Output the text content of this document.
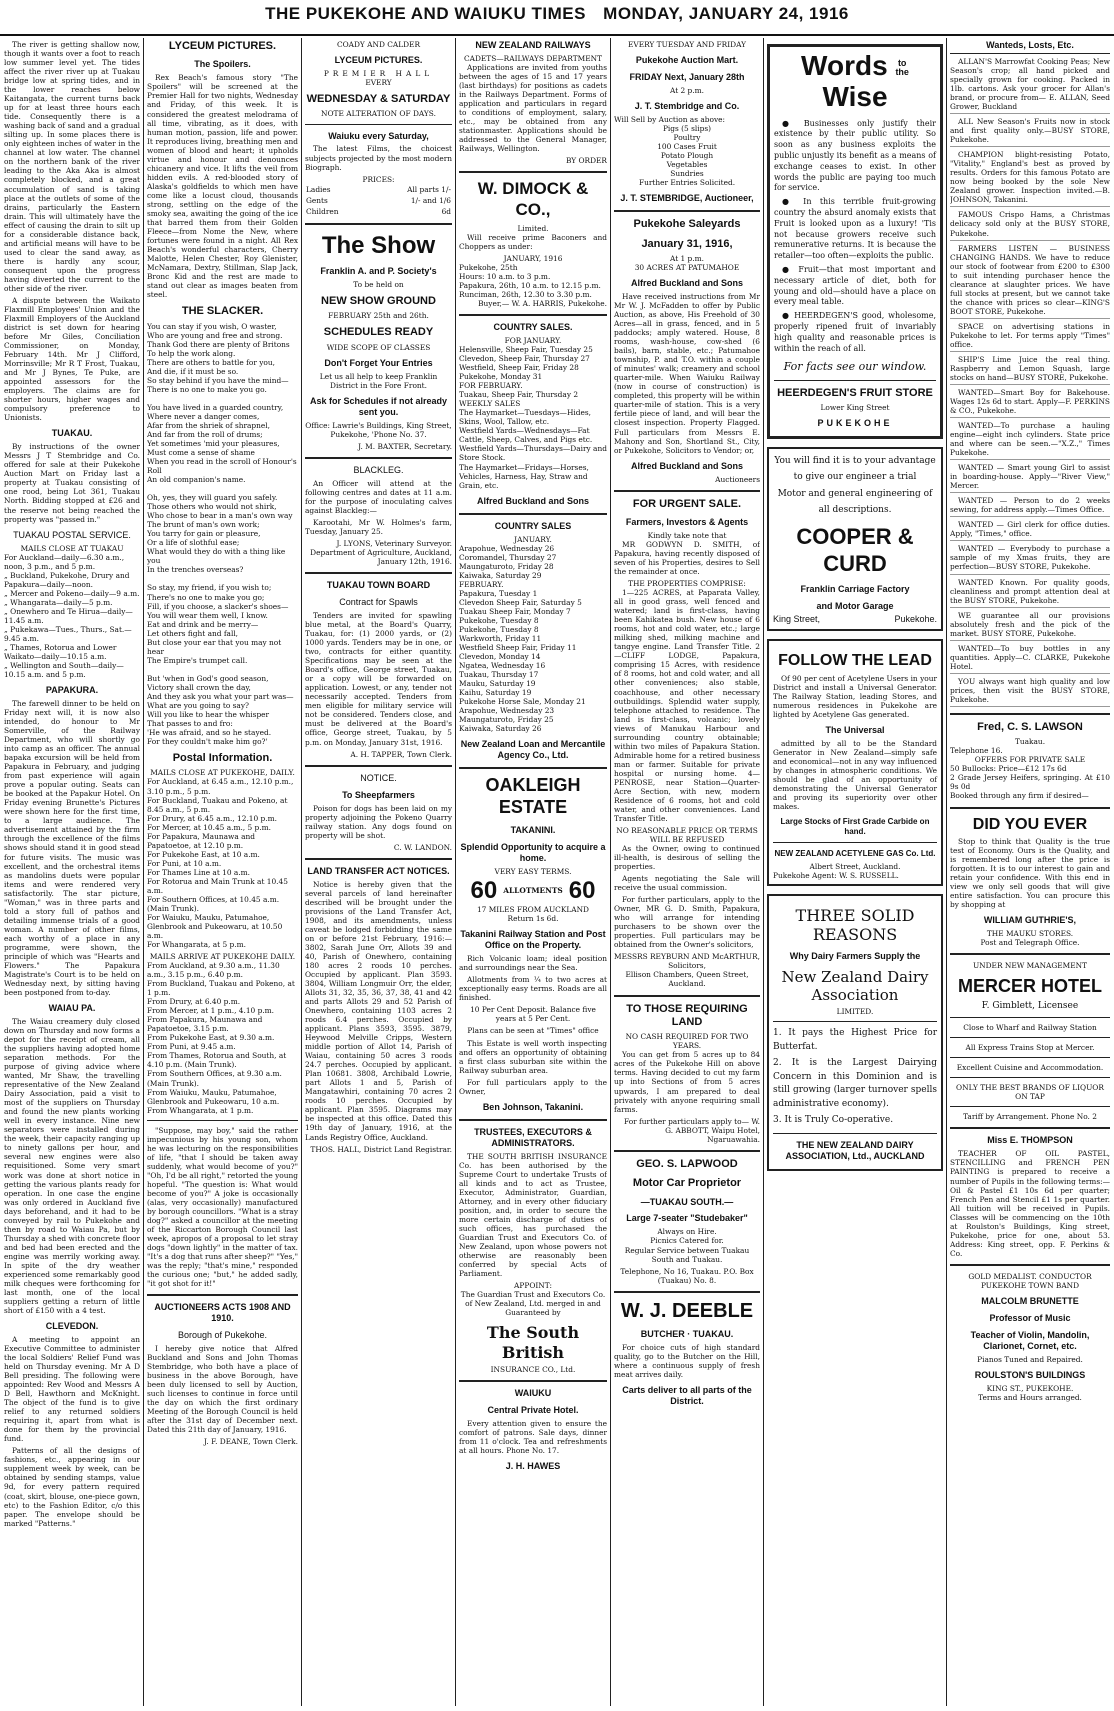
THE PUKEKOHE AND WAIUKU TIMES MONDAY, JANUARY 24, 1916

The river is getting shallow now, though it wants over a foot to reach low summer level yet. The tides affect the river river up at Tuakau bridge low at spring tides, and in the lower reaches below Kaitangata, the current turns back up for at least three hours each tide. Consequently there is a washing back of sand and a gradual silting up. In some places there is only eighteen inches of water in the channel at low water. The channel on the northern bank of the river leading to the Aka Aka is almost completely blocked, and a great accumulation of sand is taking place at the outlets of some of the drains, particularly the Eastern drain. This will ultimately have the effect of causing the drain to silt up for a considerable distance back, and artificial means will have to be used to clear the sand away, as there is hardly any scour, consequent upon the progress having diverted the current to the other side of the river.

A dispute between the Waikato Flaxmill Employees' Union and the Flaxmill Employers of the Auckland district is set down for hearing before Mr Giles, Conciliation Commissioner, on Monday, February 14th. Mr J Clifford, Morrinsville; Mr R T Frost, Tuakau, and Mr J Bynes, Te Puke, are appointed assessors for the employers. The claims are for shorter hours, higher wages and compulsory preference to Unionists.

TUAKAU.

By instructions of the owner Messrs J T Stembridge and Co. offered for sale at their Pukekohe Auction Mart on Friday last a property at Tuakau consisting of one rood, being Lot 361, Tuakau North. Bidding stopped at £26 and the reserve not being reached the property was "passed in."

TUAKAU POSTAL SERVICE.
MAILS CLOSE AT TUAKAU
For Auckland—daily—6.30 a.m., noon, 3 p.m., and 5 p.m.
„ Buckland, Pukekohe, Drury and Papakura—daily—noon.
„ Mercer and Pokeno—daily—9 a.m.
„ Whangarata—daily—5 p.m.
„ Onewhero and Te Hirua—daily—11.45 a.m.
„ Pukekawa—Tues., Thurs., Sat.—9.45 a.m.
„ Thames, Rotorua and Lower Waikato—daily—10.15 a.m.
„ Wellington and South—daily—10.15 a.m. and 5 p.m.
PAPAKURA.

The farewell dinner to be held on Friday next will, it is now also intended, do honour to Mr Somerville, of the Railway Department, who will shortly go into camp as an officer. The annual bapaka excursion will be held from Papakura in February, and judging from past experience will again prove a popular outing. Seats can be booked at the Papakur Hotel. On Friday evening Brunette's Pictures were shown here for the first time, to a large audience. The advertisement attained by the firm through the excellence of the films shows should stand it in good stead for future visits. The music was excellent, and the orchestral items as mandolins duets were popular items and were rendered very satisfactorily. The star picture, "Woman," was in three parts and told a story full of pathos and detailing immense trials of a good woman. A number of other films, each worthy of a place in any programme, were shown, the principle of which was "Hearts and Flowers." The Papakura Magistrate's Court is to be held on Wednesday next, by sitting having been postponed from to-day.

WAIAU PA.

The Waiau creamery duly closed down on Thursday and now forms a depot for the receipt of cream, all the suppliers having adopted home separation methods. For the purpose of giving advice where wanted, Mr Shaw, the travelling representative of the New Zealand Dairy Association, paid a visit to most of the suppliers on Thursday and found the new plants working well in every instance. Nine new separators were installed during the week, their capacity ranging up to ninety gallons per hour, and several new engines were also requisitioned. Some very smart work was done at short notice in getting the various plants ready for operation. In one case the engine was only ordered in Auckland five days beforehand, and it had to be conveyed by rail to Pukekohe and then by road to Waiau Pa, but by Thursday a shed with concrete floor and bed had been erected and the engine was merrily working away. In spite of the dry weather experienced some remarkably good milk cheques were forthcoming for last month, one of the local suppliers getting a return of little short of £150 with a 4 test.

CLEVEDON.

A meeting to appoint an Executive Committee to administer the local Soldiers' Relief Fund was held on Thursday evening. Mr A D Bell presiding. The following were appointed: Rev Wood and Messrs A D Bell, Hawthorn and McKnight. The object of the fund is to give relief to any returned soldiers requiring it, apart from what is done for them by the provincial fund.

Patterns of all the designs of fashions, etc., appearing in our supplement week by week, can be obtained by sending stamps, value 9d, for every pattern required (coat, skirt, blouse, one-piece gown, etc) to the Fashion Editor, c/o this paper. The envelope should be marked "Patterns."

LYCEUM PICTURES.
The Spoilers.

Rex Beach's famous story "The Spoilers" will be screened at the Premier Hall for two nights, Wednesday and Friday, of this week. It is considered the greatest melodrama of all time, vibrating, as it does, with human motion, passion, life and power. It reproduces living, breathing men and women of blood and heart; it upholds virtue and honour and denounces chicanery and vice. It lifts the veil from hidden evils. A red-blooded story of Alaska's goldfields to which men have come like a locust cloud, thousands strong, settling on the edge of the smoky sea, awaiting the going of the ice that barred them from their Golden Fleece—from Nome the New, where fortunes were found in a night. All Rex Beach's wonderful characters, Cherry Malotte, Helen Chester, Roy Glenister, McNamara, Dextry, Stillman, Slap Jack, Bronc Kid and the rest are made to stand out clear as images beaten from steel.

THE SLACKER.
You can stay if you wish, O waster,
Who are young and free and strong.
Thank God there are plenty of Britons
To help the work along.
There are others to battle for you,
And die, if it must be so.
So stay behind if you have the mind—
There is no one to make you go.

You have lived in a guarded country,
Where never a danger comes,
Afar from the shriek of shrapnel,
And far from the roll of drums;
Yet sometimes 'mid your pleasures,
Must come a sense of shame
When you read in the scroll of Honour's Roll
An old companion's name.

Oh, yes, they will guard you safely.
Those others who would not shirk,
Who chose to bear in a man's own way
The brunt of man's own work;
You tarry for gain or pleasure,
Or a life of slothful ease;
What would they do with a thing like you
In the trenches overseas?

So stay, my friend, if you wish to;
There's no one to make you go;
Fill, if you choose, a slacker's shoes—
You will wear them well, I know.
Eat and drink and be merry—
Let others fight and fall,
But close your ear that you may not hear
The Empire's trumpet call.

But 'when in God's good season,
Victory shall crown the day,
And they ask you what your part was—
What are you going to say?
Will you like to hear the whisper
That passes to and fro:
'He was afraid, and so he stayed.
For they couldn't make him go?'
Postal Information.
MAILS CLOSE AT PUKEKOHE, DAILY.
For Auckland, at 6.45 a.m., 12.10 p.m., 3.10 p.m., 5 p.m.
For Buckland, Tuakau and Pokeno, at 8.45 a.m., 5 p.m.
For Drury, at 6.45 a.m., 12.10 p.m.
For Mercer, at 10.45 a.m., 5 p.m.
For Papakura, Maunawa and Papatoetoe, at 12.10 p.m.
For Pukekohe East, at 10 a.m.
For Puni, at 10 a.m.
For Thames Line at 10 a.m.
For Rotorua and Main Trunk at 10.45 a.m.
For Southern Offices, at 10.45 a.m. (Main Trunk).
For Waiuku, Mauku, Patumahoe, Glenbrook and Pukeowaru, at 10.50 a.m.
For Whangarata, at 5 p.m.
MAILS ARRIVE AT PUKEKOHE DAILY.
From Auckland, at 9.30 a.m., 11.30 a.m., 3.15 p.m., 6.40 p.m.
From Buckland, Tuakau and Pokeno, at 1 p.m.
From Drury, at 6.40 p.m.
From Mercer, at 1 p.m., 4.10 p.m.
From Papakura, Maunawa and Papatoetoe, 3.15 p.m.
From Pukekohe East, at 9.30 a.m.
From Puni, at 9.45 a.m.
From Thames, Rotorua and South, at 4.10 p.m. (Main Trunk).
From Southern Offices, at 9.30 a.m. (Main Trunk).
From Waiuku, Mauku, Patumahoe, Glenbrook and Pukeowaru, 10 a.m.
From Whangarata, at 1 p.m.

"Suppose, may boy," said the rather impecunious by his young son, whom he was lecturing on the responsibilities of life, "that I should be taken away suddenly, what would become of you?" "Oh, I'd be all right," retorted the young hopeful. "The question is: What would become of you?" A joke is occasionally (alas, very occasionally) manufactured by borough councillors. "What is a stray dog?" asked a councillor at the meeting of the Riccarton Borough Council last week, apropos of a proposal to let stray dogs "down lightly" in the matter of tax. "It's a dog that runs after sheep?" "Yes," was the reply; "that's mine," responded the curious one; "but," he added sadly, "it got shot for it!"

AUCTIONEERS ACTS 1908 AND 1910.
Borough of Pukekohe.

I hereby give notice that Alfred Buckland and Sons and John Thomas Stembridge, who both have a place of business in the above Borough, have been duly licensed to sell by Auction, such licenses to continue in force until the day on which the first ordinary Meeting of the Borough Council is held after the 31st day of December next. Dated this 21th day of January, 1916.

J. F. DEANE, Town Clerk.
COADY AND CALDER
LYCEUM PICTURES.
PREMIER HALL
EVERY
WEDNESDAY & SATURDAY
NOTE ALTERATION OF DAYS.
Waiuku every Saturday,

The latest Films, the choicest subjects projected by the most modern Biograph.

PRICES:
Ladies	All parts 1/-
Gents	1/- and 1/6
Children	6d
The Show
Franklin A. and P. Society's
To be held on
NEW SHOW GROUND
FEBRUARY 25th and 26th.
SCHEDULES READY
WIDE SCOPE OF CLASSES
Don't Forget Your Entries

Let us all help to keep Franklin District in the Fore Front.

Ask for Schedules if not already sent you.

Office: Lawrie's Buildings, King Street, Pukekohe, 'Phone No. 37.

J. M. BAXTER, Secretary.
BLACKLEG.

An Officer will attend at the following centres and dates at 11 a.m. for the purpose of inoculating calves against Blackleg:—

Karootahi, Mr W. Holmes's farm, Tuesday, January 25.

J. LYONS, Veterinary Surveyor. Department of Agriculture, Auckland, January 12th, 1916.

TUAKAU TOWN BOARD
Contract for Spawls

Tenders are invited for spawling blue metal, at the Board's Quarry, Tuakau, for: (1) 2000 yards, or (2) 1000 yards. Tenders may be in one, or two, contracts for either quantity. Specifications may be seen at the Board's office, George street, Tuakau, or a copy will be forwarded on application. Lowest, or any, tender not necessarily accepted. Tenders from men eligible for military service will not be considered. Tenders close, and must be delivered at the Board's office, George street, Tuakau, by 5 p.m. on Monday, January 31st, 1916.

A. H. TAPPER, Town Clerk.
NOTICE.
To Sheepfarmers

Poison for dogs has been laid on my property adjoining the Pokeno Quarry railway station. Any dogs found on property will be shot.

C. W. LANDON.
LAND TRANSFER ACT NOTICES.

Notice is hereby given that the several parcels of land hereinafter described will be brought under the provisions of the Land Transfer Act, 1908, and its amendments, unless caveat be lodged forbidding the same on or before 21st February, 1916:— 3802, Sarah June Orr, Allots 39 and 40, Parish of Onewhero, containing 180 acres 2 roods 10 perches. Occupied by applicant. Plan 3593. 3804, William Longmuir Orr, the elder, Allots 31, 32, 35, 36, 37, 38, 41 and 42 and parts Allots 29 and 52 Parish of Onewhero, containing 1103 acres 2 roods 6.4 perches. Occupied by applicant. Plans 3593, 3595. 3879, Heywood Melville Cripps, Western middle portion of Allot 14, Parish of Waiau, containing 50 acres 3 roods 24.7 perches. Occupied by applicant. Plan 10681. 3808, Archibald Lowrie, part Allots 1 and 5, Parish of Mangatawhiri, containing 70 acres 2 roods 10 perches. Occupied by applicant. Plan 3595. Diagrams may be inspected at this office. Dated this 19th day of January, 1916, at the Lands Registry Office, Auckland.

THOS. HALL, District Land Registrar.
NEW ZEALAND RAILWAYS
CADETS—RAILWAYS DEPARTMENT

Applications are invited from youths between the ages of 15 and 17 years (last birthdays) for positions as cadets in the Railways Department. Forms of application and particulars in regard to conditions of employment, salary, etc., may be obtained from any stationmaster. Applications should be addressed to the General Manager, Railways, Wellington.

BY ORDER
W. DIMOCK & CO.,
Limited.

Will receive prime Baconers and Choppers as under:

JANUARY, 1916
Pukekohe, 25th
Hours: 10 a.m. to 3 p.m.
Papakura, 26th, 10 a.m. to 12.15 p.m.
Runciman, 26th, 12.30 to 3.30 p.m.
Buyer,— W. A. HARRIS, Pukekohe.
COUNTRY SALES.
FOR JANUARY.
Helensville, Sheep Fair, Tuesday 25
Clevedon, Sheep Fair, Thursday 27
Westfield, Sheep Fair, Friday 28
Pukekohe, Monday 31
FOR FEBRUARY.
Tuakau, Sheep Fair, Thursday 2
WEEKLY SALES
The Haymarket—Tuesdays—Hides, Skins, Wool, Tallow, etc.
Westfield Yards—Wednesdays—Fat Cattle, Sheep, Calves, and Pigs etc.
Westfield Yards—Thursdays—Dairy and Store Stock.
The Haymarket—Fridays—Horses, Vehicles, Harness, Hay, Straw and Grain, etc.
Alfred Buckland and Sons
COUNTRY SALES
JANUARY.
Arapohue, Wednesday 26
Coromandel, Thursday 27
Maungaturoto, Friday 28
Kaiwaka, Saturday 29
FEBRUARY.
Papakura, Tuesday 1
Clevedon Sheep Fair, Saturday 5
Tuakau Sheep Fair, Monday 7
Pukekohe, Tuesday 8
Pukekohe, Tuesday 8
Warkworth, Friday 11
Westfield Sheep Fair, Friday 11
Clevedon, Monday 14
Ngatea, Wednesday 16
Tuakau, Thursday 17
Mauku, Saturday 19
Kaihu, Saturday 19
Pukekohe Horse Sale, Monday 21
Arapohue, Wednesday 23
Maungaturoto, Friday 25
Kaiwaka, Saturday 26
New Zealand Loan and Mercantile Agency Co., Ltd.
OAKLEIGH ESTATE
TAKANINI.
Splendid Opportunity to acquire a home.
VERY EASY TERMS.
60 ALLOTMENTS 60
17 MILES FROM AUCKLAND
Return 1s 6d.
Takanini Railway Station and Post Office on the Property.

Rich Volcanic loam; ideal position and surroundings near the Sea.

Allotments from ¼ to two acres at exceptionally easy terms. Roads are all finished.

10 Per Cent Deposit. Balance five years at 5 Per Cent.

Plans can be seen at "Times" office

This Estate is well worth inspecting and offers an opportunity of obtaining a first class suburban site within the Railway suburban area.

For full particulars apply to the Owner,

Ben Johnson, Takanini.
TRUSTEES, EXECUTORS & ADMINISTRATORS.

THE SOUTH BRITISH INSURANCE Co. has been authorised by the Supreme Court to undertake Trusts of all kinds and to act as Trustee, Executor, Administrator, Guardian, Attorney, and in every other fiduciary position, and, in order to secure the more certain discharge of duties of such offices, has purchased the Guardian Trust and Executors Co. of New Zealand, upon whose powers not otherwise are reasonably been conferred by special Acts of Parliament.

APPOINT:

The Guardian Trust and Executors Co. of New Zealand, Ltd. merged in and Guaranteed by

The South British
INSURANCE CO., Ltd.
WAIUKU
Central Private Hotel.

Every attention given to ensure the comfort of patrons. Sale days, dinner from 11 o'clock. Tea and refreshments at all hours. Phone No. 17.

J. H. HAWES
EVERY TUESDAY AND FRIDAY
Pukekohe Auction Mart.
FRIDAY Next, January 28th
At 2 p.m.
J. T. Stembridge and Co.
Will Sell by Auction as above:
Pigs (5 slips)
Poultry
100 Cases Fruit
Potato Plough
Vegetables
Sundries
Further Entries Solicited.
J. T. STEMBRIDGE, Auctioneer,
Pukekohe Saleyards
January 31, 1916,
At 1 p.m.
30 ACRES AT PATUMAHOE
Alfred Buckland and Sons

Have received instructions from Mr Mr W. J. McFadden to offer by Public Auction, as above, His Freehold of 30 Acres—all in grass, fenced, and in 5 paddocks; amply watered. House, 8 rooms, wash-house, cow-shed (6 bails), barn, stable, etc.; Patumahoe township, P. and T.O. within a couple of minutes' walk; creamery and school quarter-mile. When Waiuku Railway (now in course of construction) is completed, this property will be within quarter-mile of station. This is a very fertile piece of land, and will bear the closest inspection. Property Flagged. Full particulars from Messrs E. Mahony and Son, Shortland St., City, or Pukekohe, Solicitors to Vendor; or,

Alfred Buckland and Sons
Auctioneers
FOR URGENT SALE.
Farmers, Investors & Agents
Kindly take note that

MR GODWYN D. SMITH, of Papakura, having recently disposed of seven of his Properties, desires to Sell the remainder at once.

THE PROPERTIES COMPRISE:

1—225 ACRES, at Paparata Valley, all in good grass, well fenced and watered; land is first-class, having been Kahikatea bush. New house of 6 rooms, hot and cold water, etc.; large milking shed, milking machine and tangye engine. Land Transfer Title. 2—CLIFF LODGE, Papakura, comprising 15 Acres, with residence of 8 rooms, hot and cold water, and all other conveniences; also stable, coachhouse, and other necessary outbuildings. Splendid water supply, telephone attached to residence. The land is first-class, volcanic; lovely views of Manukau Harbour and surrounding country obtainable; within two miles of Papakura Station. Admirable home for a retired business man or farmer. Suitable for private hospital or nursing home. 4—PENROSE, near Station—Quarter-Acre Section, with new, modern Residence of 6 rooms, hot and cold water, and other conveniences. Land Transfer Title.

NO REASONABLE PRICE OR TERMS WILL BE REFUSED

As the Owner, owing to continued ill-health, is desirous of selling the properties.

Agents negotiating the Sale will receive the usual commission.

For further particulars, apply to the Owner, MR G. D. Smith, Papakura, who will arrange for intending purchasers to be shown over the properties. Full particulars may be obtained from the Owner's solicitors,

MESSRS REYBURN AND McARTHUR,
Solicitors,
Ellison Chambers, Queen Street, Auckland.
TO THOSE REQUIRING LAND
NO CASH REQUIRED FOR TWO YEARS.

You can get from 5 acres up to 84 acres of the Pukekohe Hill on above terms. Having decided to cut my farm up into Sections of from 5 acres upwards, I am prepared to deal privately with anyone requiring small farms.

For further particulars apply to— W. G. ABBOTT, Waipu Hotel, Ngaruawahia.

GEO. S. LAPWOOD
Motor Car Proprietor
—TUAKAU SOUTH.—
Large 7-seater "Studebaker"
Always on Hire.
Picnics Catered for.

Regular Service between Tuakau South and Tuakau.

Telephone, No 16, Tuakau. P.O. Box (Tuakau) No. 8.

W. J. DEEBLE
BUTCHER · TUAKAU.

For choice cuts of high standard quality, go to the Butcher on the Hill, where a continuous supply of fresh meat arrives daily.

Carts deliver to all parts of the District.
Words to
the Wise

● Businesses only justify their existence by their public utility. So soon as any business exploits the public unjustly its benefit as a means of exchange ceases to exist. In other words the public are paying too much for service.

● In this terrible fruit-growing country the absurd anomaly exists that Fruit is looked upon as a luxury! 'Tis not because growers receive such remunerative returns. It is because the retailer—too often—exploits the public.

● Fruit—that most important and necessary article of diet, both for young and old—should have a place on every meal table.

● HEERDEGEN'S good, wholesome, properly ripened fruit of invariably high quality and reasonable prices is within the reach of all.

For facts see our window.
HEERDEGEN'S FRUIT STORE
Lower King Street
PUKEKOHE
You will find it is to your advantage to give our engineer a trial
Motor and general engineering of all descriptions.
COOPER & CURD
Franklin Carriage Factory
and Motor Garage
King Street,	Pukekohe.
FOLLOW THE LEAD

Of 90 per cent of Acetylene Users in your District and install a Universal Generator. The Railway Station, leading Stores, and numerous residences in Pukekohe are lighted by Acetylene Gas generated.

The Universal

admitted by all to be the Standard Generator in New Zealand—simply safe and economical—not in any way influenced by changes in atmospheric conditions. We should be glad of an opportunity of demonstrating the Universal Generator and proving its superiority over other makes.

Large Stocks of First Grade Carbide on hand.
NEW ZEALAND ACETYLENE GAS Co. Ltd.
Albert Street, Auckland.
Pukekohe Agent: W. S. RUSSELL.
THREE SOLID REASONS
Why Dairy Farmers Supply the
New Zealand Dairy Association
LIMITED.

1. It pays the Highest Price for Butterfat.

2. It is the Largest Dairying Concern in this Dominion and is still growing (larger turnover spells administrative economy).

3. It is Truly Co-operative.

THE NEW ZEALAND DAIRY ASSOCIATION, Ltd., AUCKLAND
Wanteds, Losts, Etc.

ALLAN'S Marrowfat Cooking Peas; New Season's crop; all hand picked and specially grown for cooking. Packed in 1lb. cartons. Ask your grocer for Allan's brand, or procure from— E. ALLAN, Seed Grower, Buckland

ALL New Season's Fruits now in stock and first quality only.—BUSY STORE, Pukekohe.

CHAMPION blight-resisting Potato, "Vitality," England's best as proved by results. Orders for this famous Potato are now being booked by the sole New Zealand grower. Inspection invited.—B. JOHNSON, Takanini.

FAMOUS Crispo Hams, a Christmas delicacy sold only at the BUSY STORE, Pukekohe.

FARMERS LISTEN — BUSINESS CHANGING HANDS. We have to reduce our stock of footwear from £200 to £300 to suit intending purchaser hence the clearance at slaughter prices. We have full stocks at present, but we cannot take the chance with prices so clear—KING'S BOOT STORE, Pukekohe.

SPACE on advertising stations in Pukekohe to let. For terms apply "Times" office.

SHIP'S Lime Juice the real thing. Raspberry and Lemon Squash, large stocks on hand—BUSY STORE, Pukekohe.

WANTED—Smart Boy for Bakehouse. Wages 12s 6d to start. Apply—F. PERKINS & CO., Pukekohe.

WANTED—To purchase a hauling engine—eight inch cylinders. State price and where can be seen.—"X.Z.," Times Pukekohe.

WANTED — Smart young Girl to assist in boarding-house. Apply—"River View," Mercer.

WANTED — Person to do 2 weeks sewing, for address apply.—Times Office.

WANTED — Girl clerk for office duties. Apply, "Times," office.

WANTED — Everybody to purchase a sample of my Xmas fruits, they are perfection—BUSY STORE, Pukekohe.

WANTED Known. For quality goods, cleanliness and prompt attention deal at the BUSY STORE, Pukekohe.

WE guarantee all our provisions absolutely fresh and the pick of the market. BUSY STORE, Pukekohe.

WANTED—To buy bottles in any quantities. Apply—C. CLARKE, Pukekohe Hotel.

YOU always want high quality and low prices, then visit the BUSY STORE, Pukekohe.

Fred, C. S. LAWSON
Tuakau.
Telephone 16.
OFFERS FOR PRIVATE SALE
50 Bullocks: Price—£12 17s 6d
2 Grade Jersey Heifers, springing. At £10 9s 0d
Booked through any firm if desired—
DID YOU EVER

Stop to think that Quality is the true test of Economy. Ours is the Quality, and is remembered long after the price is forgotten. It is to our interest to gain and retain your confidence. With this end in view we only sell goods that will give entire satisfaction. You can procure this by shopping at

WILLIAM GUTHRIE'S,
THE MAUKU STORES.
Post and Telegraph Office.
UNDER NEW MANAGEMENT
MERCER HOTEL
F. Gimblett, Licensee
Close to Wharf and Railway Station
All Express Trains Stop at Mercer.
Excellent Cuisine and Accommodation.
ONLY THE BEST BRANDS OF LIQUOR ON TAP
Tariff by Arrangement. Phone No. 2
Miss E. THOMPSON

TEACHER OF OIL PASTEL, STENCILLING and FRENCH PEN PAINTING is prepared to receive a number of Pupils in the following terms:—Oil & Pastel £1 10s 6d per quarter; French Pen and Stencil £1 1s per quarter. All tuition will be received in Pupils. Classes will be commencing on the 10th at Roulston's Buildings, King street, Pukekohe, price for one, about 53. Address: King street, opp. F. Perkins & Co.

GOLD MEDALIST. CONDUCTOR PUKEKOHE TOWN BAND
MALCOLM BRUNETTE
Professor of Music
Teacher of Violin, Mandolin, Clarionet, Cornet, etc.
Pianos Tuned and Repaired.
ROULSTON'S BUILDINGS
KING ST., PUKEKOHE.
Terms and Hours arranged.
